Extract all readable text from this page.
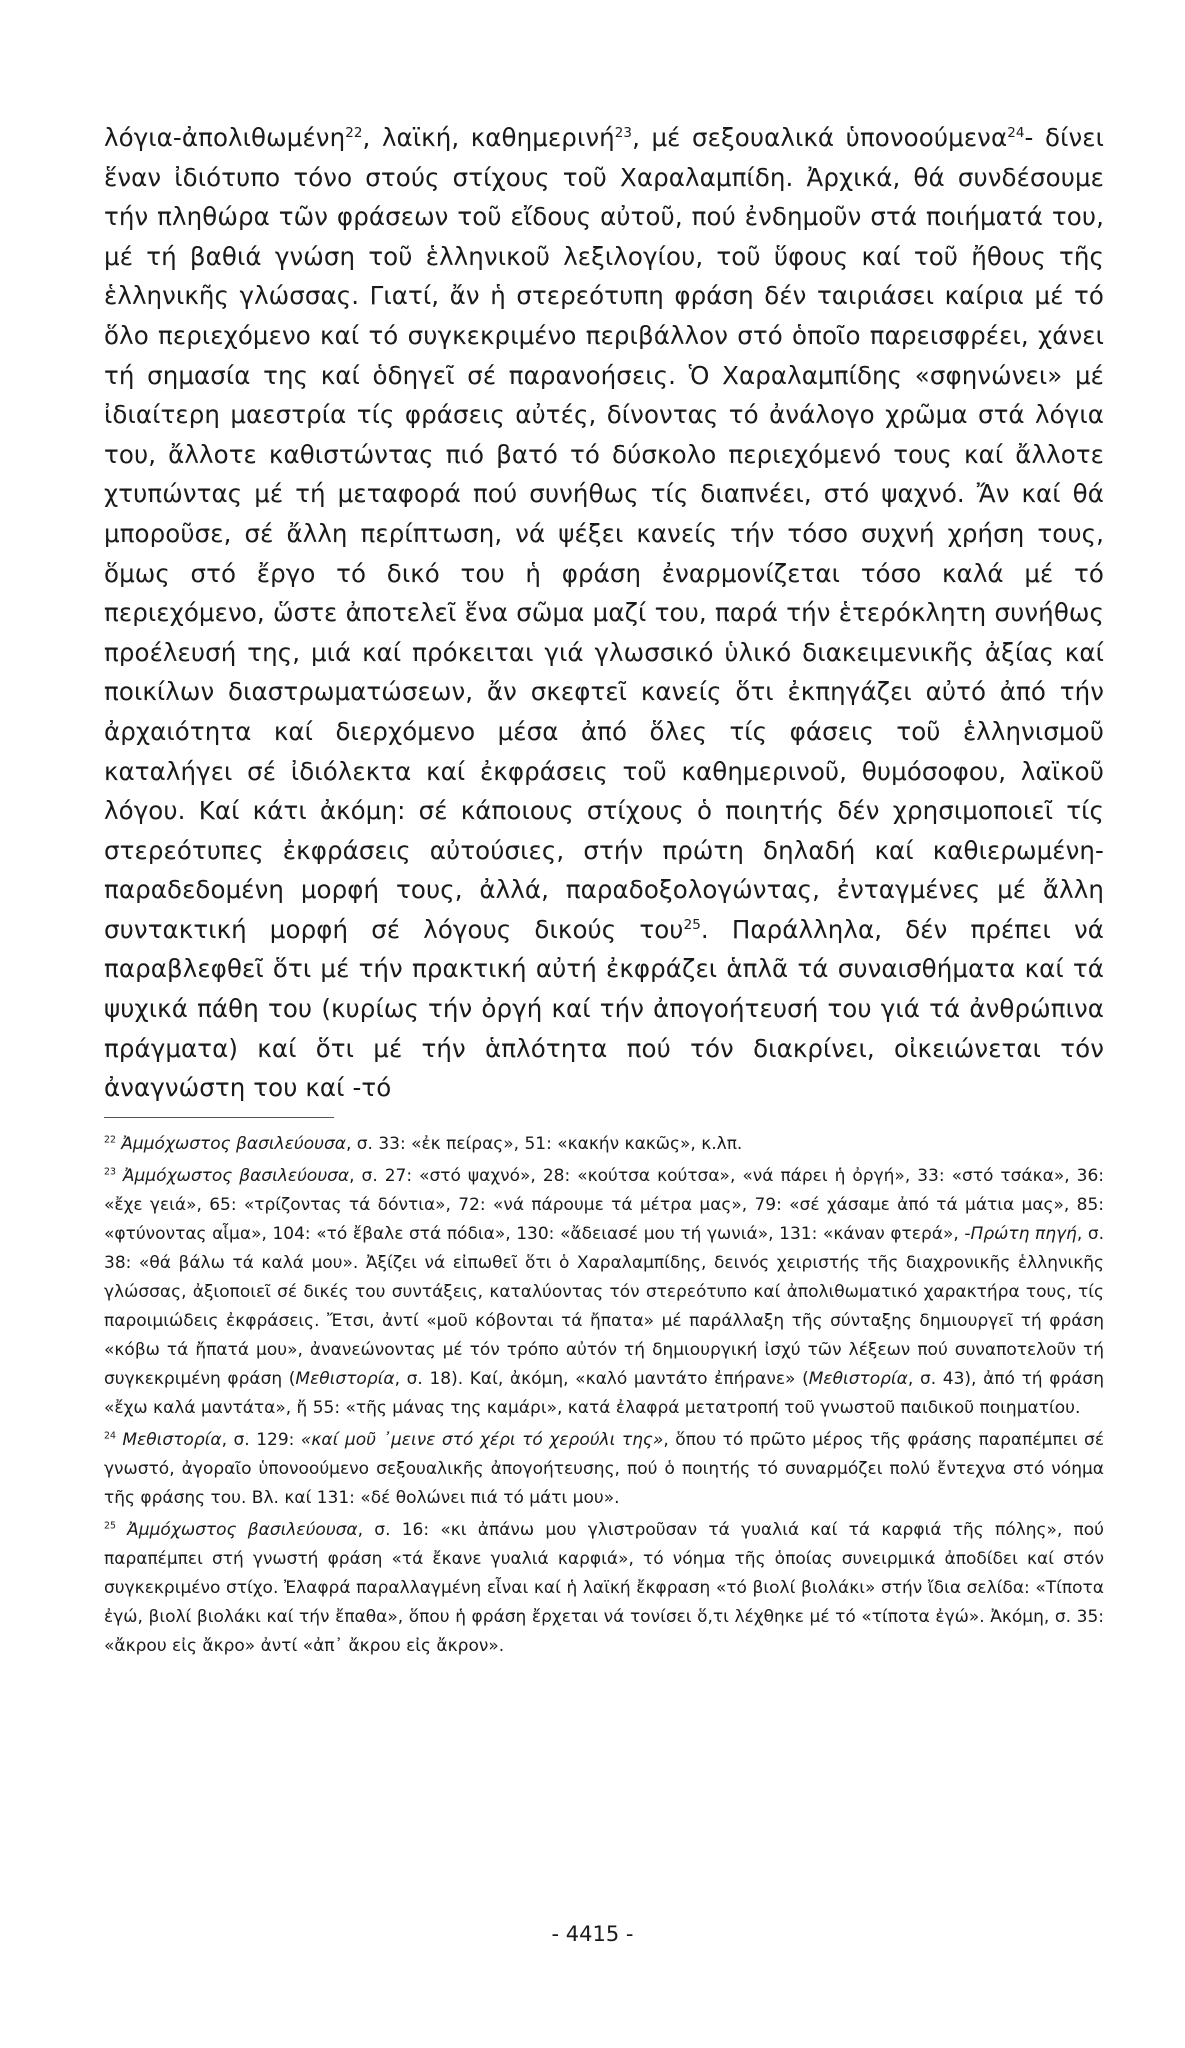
λόγια-ἀπολιθωμένη$^{22}$, λαϊκή, καθημερινή$^{23}$, μέ σεξουαλικά ὑπονοούμενα$^{24}$- δίνει ἕναν ἰδιότυπο τόνο στούς στίχους τοῦ Χαραλαμπίδη. Ἀρχικά, θά συνδέσουμε τήν πληθώρα τῶν φράσεων τοῦ εἴδους αὐτοῦ, πού ἐνδημοῦν στά ποιήματά του, μέ τή βαθιά γνώση τοῦ ἑλληνικοῦ λεξιλογίου, τοῦ ὕφους καί τοῦ ἤθους τῆς ἑλληνικῆς γλώσσας. Γιατί, ἄν ἡ στερεότυπη φράση δέν ταιριάσει καίρια μέ τό ὅλο περιεχόμενο καί τό συγκεκριμένο περιβάλλον στό ὁποῖο παρεισφρέει, χάνει τή σημασία της καί ὁδηγεῖ σέ παρανοήσεις. Ὁ Χαραλαμπίδης «σφηνώνει» μέ ἰδιαίτερη μαεστρία τίς φράσεις αὐτές, δίνοντας τό ἀνάλογο χρῶμα στά λόγια του, ἄλλοτε καθιστώντας πιό βατό τό δύσκολο περιεχόμενό τους καί ἄλλοτε χτυπώντας μέ τή μεταφορά πού συνήθως τίς διαπνέει, στό ψαχνό. Ἄν καί θά μποροῦσε, σέ ἄλλη περίπτωση, νά ψέξει κανείς τήν τόσο συχνή χρήση τους, ὅμως στό ἔργο τό δικό του ἡ φράση ἐναρμονίζεται τόσο καλά μέ τό περιεχόμενο, ὥστε ἀποτελεῖ ἕνα σῶμα μαζί του, παρά τήν ἑτερόκλητη συνήθως προέλευσή της, μιά καί πρόκειται γιά γλωσσικό ὑλικό διακειμενικῆς ἀξίας καί ποικίλων διαστρωματώσεων, ἄν σκεφτεῖ κανείς ὅτι ἐκπηγάζει αὐτό ἀπό τήν ἀρχαιότητα καί διερχόμενο μέσα ἀπό ὅλες τίς φάσεις τοῦ ἑλληνισμοῦ καταλήγει σέ ἰδιόλεκτα καί ἐκφράσεις τοῦ καθημερινοῦ, θυμόσοφου, λαϊκοῦ λόγου. Καί κάτι ἀκόμη: σέ κάποιους στίχους ὁ ποιητής δέν χρησιμοποιεῖ τίς στερεότυπες ἐκφράσεις αὐτούσιες, στήν πρώτη δηλαδή καί καθιερωμένη-παραδεδομένη μορφή τους, ἀλλά, παραδοξολογώντας, ἐνταγμένες μέ ἄλλη συντακτική μορφή σέ λόγους δικούς του$^{25}$. Παράλληλα, δέν πρέπει νά παραβλεφθεῖ ὅτι μέ τήν πρακτική αὐτή ἐκφράζει ἁπλᾶ τά συναισθήματα καί τά ψυχικά πάθη του (κυρίως τήν ὀργή καί τήν ἀπογοήτευσή του γιά τά ἀνθρώπινα πράγματα) καί ὅτι μέ τήν ἁπλότητα πού τόν διακρίνει, οἰκειώνεται τόν ἀναγνώστη του καί -τό

$^{22}$ Ἀμμόχωστος βασιλεύουσα, σ. 33: «ἐκ πείρας», 51: «κακήν κακῶς», κ.λπ.

$^{23}$ Ἀμμόχωστος βασιλεύουσα, σ. 27: «στό ψαχνό», 28: «κούτσα κούτσα», «νά πάρει ἡ ὀργή», 33: «στό τσάκα», 36: «ἔχε γειά», 65: «τρίζοντας τά δόντια», 72: «νά πάρουμε τά μέτρα μας», 79: «σέ χάσαμε ἀπό τά μάτια μας», 85: «φτύνοντας αἷμα», 104: «τό ἔβαλε στά πόδια», 130: «ἄδειασέ μου τή γωνιά», 131: «κάναν φτερά», -Πρώτη πηγή, σ. 38: «θά βάλω τά καλά μου». Ἀξίζει νά εἰπωθεῖ ὅτι ὁ Χαραλαμπίδης, δεινός χειριστής τῆς διαχρονικῆς ἑλληνικῆς γλώσσας, ἀξιοποιεῖ σέ δικές του συντάξεις, καταλύοντας τόν στερεότυπο καί ἀπολιθωματικό χαρακτήρα τους, τίς παροιμιώδεις ἐκφράσεις. Ἔτσι, ἀντί «μοῦ κόβονται τά ἤπατα» μέ παράλλαξη τῆς σύνταξης δημιουργεῖ τή φράση «κόβω τά ἤπατά μου», ἀνανεώνοντας μέ τόν τρόπο αὐτόν τή δημιουργική ἰσχύ τῶν λέξεων πού συναποτελοῦν τή συγκεκριμένη φράση (Μεθιστορία, σ. 18). Καί, ἀκόμη, «καλό μαντάτο ἐπήρανε» (Μεθιστορία, σ. 43), ἀπό τή φράση «ἔχω καλά μαντάτα», ἤ 55: «τῆς μάνας της καμάρι», κατά ἐλαφρά μετατροπή τοῦ γνωστοῦ παιδικοῦ ποιηματίου.

$^{24}$ Μεθιστορία, σ. 129: «καί μοῦ ᾿μεινε στό χέρι τό χερούλι της», ὅπου τό πρῶτο μέρος τῆς φράσης παραπέμπει σέ γνωστό, ἀγοραῖο ὑπονοούμενο σεξουαλικῆς ἀπογοήτευσης, πού ὁ ποιητής τό συναρμόζει πολύ ἔντεχνα στό νόημα τῆς φράσης του. Βλ. καί 131: «δέ θολώνει πιά τό μάτι μου».

$^{25}$ Ἀμμόχωστος βασιλεύουσα, σ. 16: «κι ἀπάνω μου γλιστροῦσαν τά γυαλιά καί τά καρφιά τῆς πόλης», πού παραπέμπει στή γνωστή φράση «τά ἔκανε γυαλιά καρφιά», τό νόημα τῆς ὁποίας συνειρμικά ἀποδίδει καί στόν συγκεκριμένο στίχο. Ἐλαφρά παραλλαγμένη εἶναι καί ἡ λαϊκή ἔκφραση «τό βιολί βιολάκι» στήν ἴδια σελίδα: «Τίποτα ἐγώ, βιολί βιολάκι καί τήν ἔπαθα», ὅπου ἡ φράση ἔρχεται νά τονίσει ὅ,τι λέχθηκε μέ τό «τίποτα ἐγώ». Ἀκόμη, σ. 35: «ἄκρου εἰς ἄκρο» ἀντί «ἀπ᾿ ἄκρου εἰς ἄκρον».

- 4415 -
